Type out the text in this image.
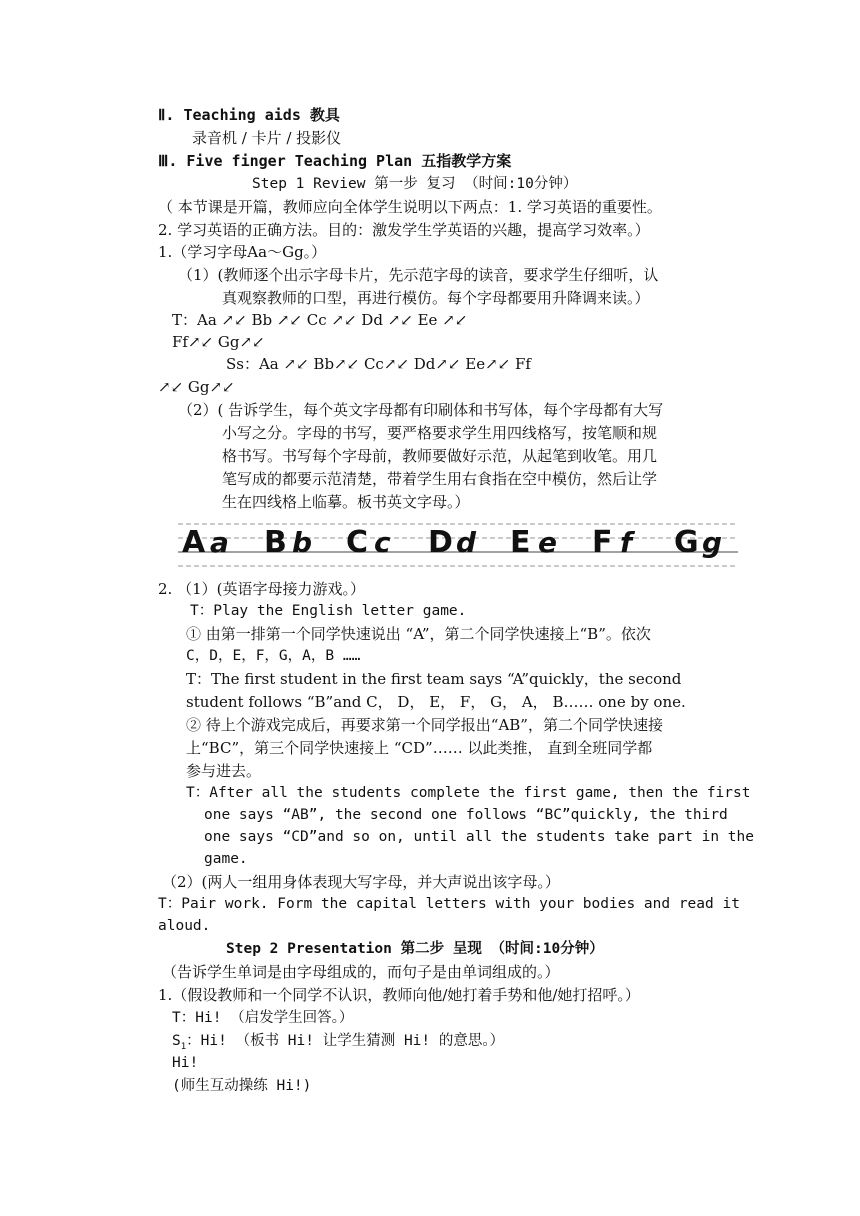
Ⅱ. Teaching aids 教具
录音机 / 卡片 / 投影仪
Ⅲ. Five finger Teaching Plan 五指教学方案
Step 1 Review 第一步 复习 （时间:10分钟）
（ 本节课是开篇，教师应向全体学生说明以下两点：1. 学习英语的重要性。
2. 学习英语的正确方法。目的：激发学生学英语的兴趣，提高学习效率。）
1.（学习字母Aa～Gg。）
（1）(教师逐个出示字母卡片，先示范字母的读音，要求学生仔细听，认
真观察教师的口型，再进行模仿。每个字母都要用升降调来读。）
T：Aa ↗↙ Bb ↗↙ Cc ↗↙ Dd ↗↙ Ee ↗↙
Ff↗↙ Gg↗↙
Ss：Aa ↗↙ Bb↗↙ Cc↗↙ Dd↗↙ Ee↗↙ Ff
↗↙ Gg↗↙
（2）( 告诉学生，每个英文字母都有印刷体和书写体，每个字母都有大写
小写之分。字母的书写，要严格要求学生用四线格写，按笔顺和规
格书写。书写每个字母前，教师要做好示范，从起笔到收笔。用几
笔写成的都要示范清楚，带着学生用右食指在空中模仿，然后让学
生在四线格上临摹。板书英文字母。）
A a B b C c D d E e F f G g
2. （1）(英语字母接力游戏。）
T：Play the English letter game.
① 由第一排第一个同学快速说出 “A”，第二个同学快速接上“B”。依次
C，D，E，F，G，A，B ……
T：The first student in the first team says “A”quickly，the second
student follows “B”and C， D， E， F， G， A， B…… one by one.
② 待上个游戏完成后，再要求第一个同学报出“AB”，第二个同学快速接
上“BC”，第三个同学快速接上 “CD”…… 以此类推， 直到全班同学都
参与进去。
T：After all the students complete the first game, then the first
one says “AB”, the second one follows “BC”quickly, the third
one says “CD”and so on, until all the students take part in the
game.
（2）(两人一组用身体表现大写字母，并大声说出该字母。）
T：Pair work. Form the capital letters with your bodies and read it
aloud.
Step 2 Presentation 第二步 呈现 （时间:10分钟）
（告诉学生单词是由字母组成的，而句子是由单词组成的。）
1.（假设教师和一个同学不认识，教师向他/她打着手势和他/她打招呼。）
T：Hi! （启发学生回答。）
$S_1$：Hi! （板书 Hi! 让学生猜测 Hi! 的意思。）
Hi!
(师生互动操练 Hi!)
